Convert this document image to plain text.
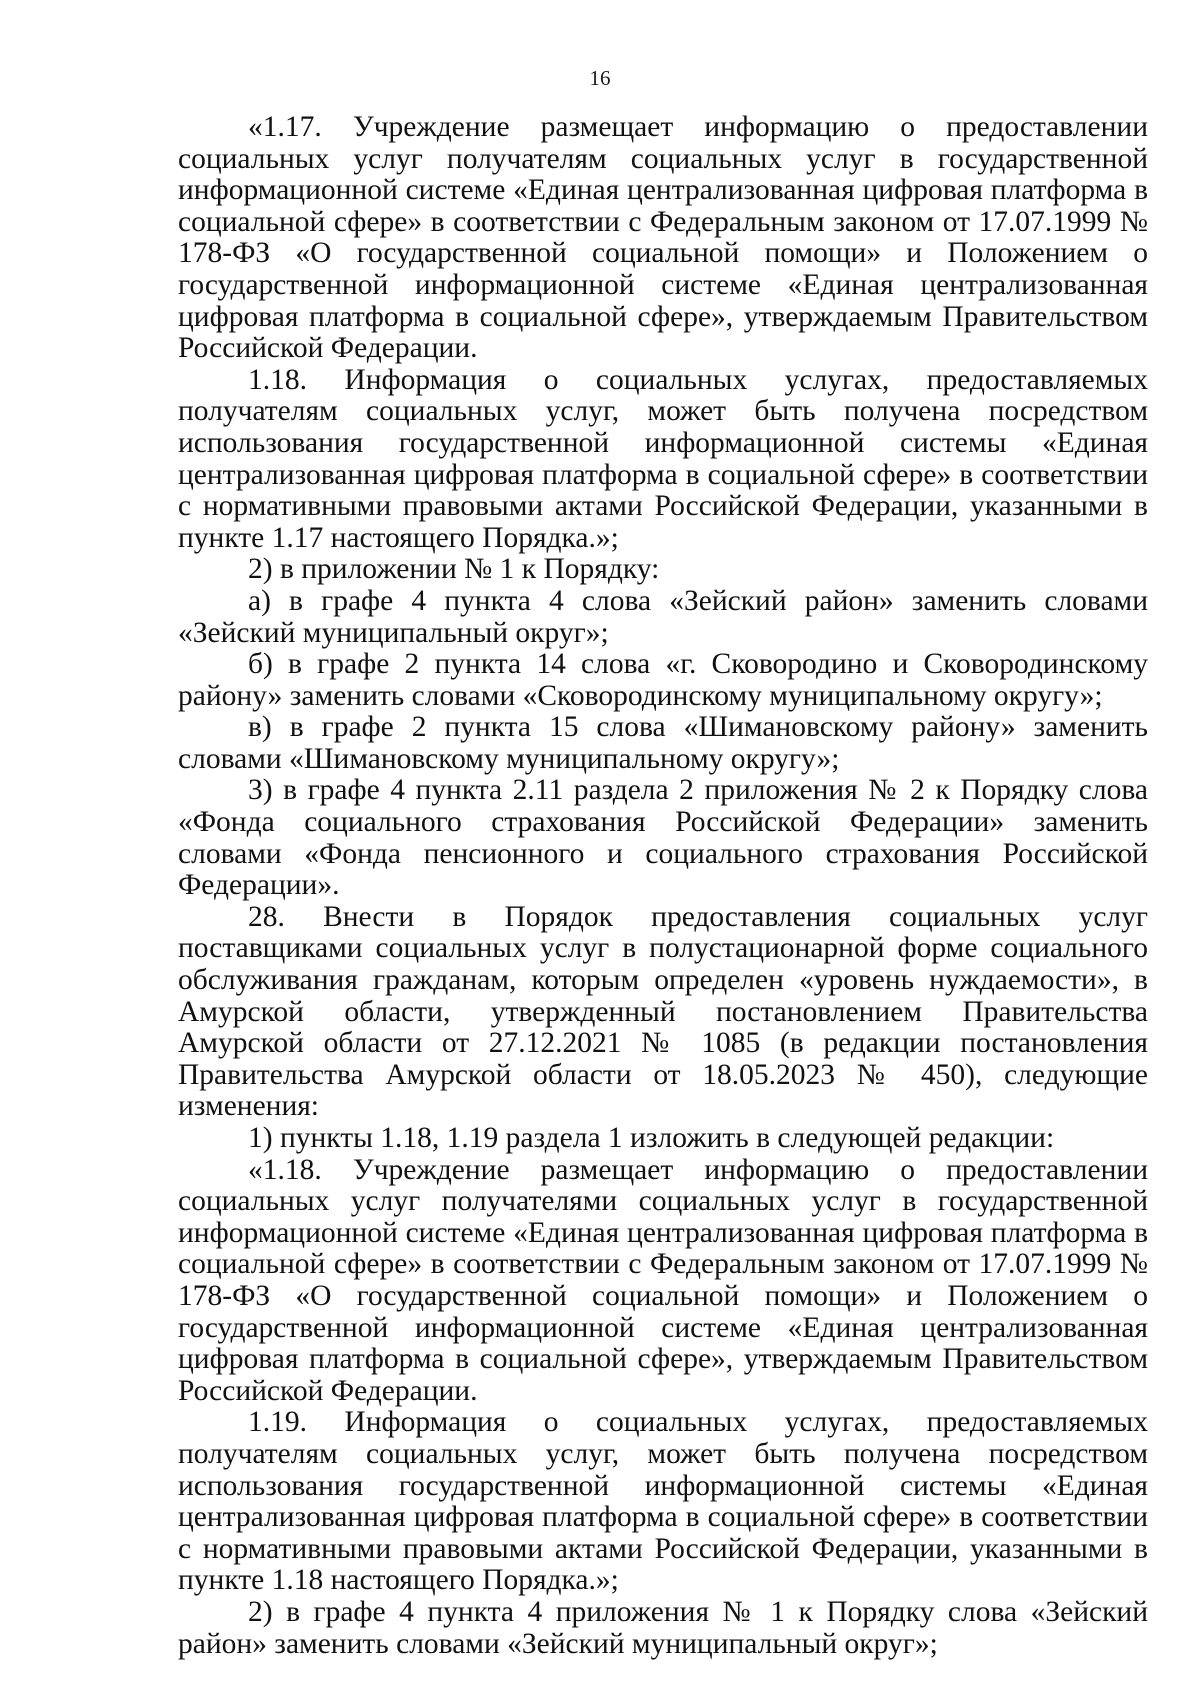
16

«1.17. Учреждение размещает информацию о предоставлении социальных услуг получателям социальных услуг в государственной информационной системе «Единая централизованная цифровая платформа в социальной сфере» в соответствии с Федеральным законом от 17.07.1999 № 178-ФЗ «О государственной социальной помощи» и Положением о государственной информационной системе «Единая централизованная цифровая платформа в социальной сфере», утверждаемым Правительством Российской Федерации.

1.18. Информация о социальных услугах, предоставляемых получателям социальных услуг, может быть получена посредством использования государственной информационной системы «Единая централизованная цифровая платформа в социальной сфере» в соответствии с нормативными правовыми актами Российской Федерации, указанными в пункте 1.17 настоящего Порядка.»;

2) в приложении № 1 к Порядку:

а) в графе 4 пункта 4 слова «Зейский район» заменить словами «Зейский муниципальный округ»;

б) в графе 2 пункта 14 слова «г. Сковородино и Сковородинскому району» заменить словами «Сковородинскому муниципальному округу»;

в) в графе 2 пункта 15 слова «Шимановскому району» заменить словами «Шимановскому муниципальному округу»;

3) в графе 4 пункта 2.11 раздела 2 приложения № 2 к Порядку слова «Фонда социального страхования Российской Федерации» заменить словами «Фонда пенсионного и социального страхования Российской Федерации».

28. Внести в Порядок предоставления социальных услуг поставщиками социальных услуг в полустационарной форме социального обслуживания гражданам, которым определен «уровень нуждаемости», в Амурской области, утвержденный постановлением Правительства Амурской области от 27.12.2021 № 1085 (в редакции постановления Правительства Амурской области от 18.05.2023 № 450), следующие изменения:

1) пункты 1.18, 1.19 раздела 1 изложить в следующей редакции:

«1.18. Учреждение размещает информацию о предоставлении социальных услуг получателями социальных услуг в государственной информационной системе «Единая централизованная цифровая платформа в социальной сфере» в соответствии с Федеральным законом от 17.07.1999 № 178-ФЗ «О государственной социальной помощи» и Положением о государственной информационной системе «Единая централизованная цифровая платформа в социальной сфере», утверждаемым Правительством Российской Федерации.

1.19. Информация о социальных услугах, предоставляемых получателям социальных услуг, может быть получена посредством использования государственной информационной системы «Единая централизованная цифровая платформа в социальной сфере» в соответствии с нормативными правовыми актами Российской Федерации, указанными в пункте 1.18 настоящего Порядка.»;

2) в графе 4 пункта 4 приложения № 1 к Порядку слова «Зейский район» заменить словами «Зейский муниципальный округ»;
